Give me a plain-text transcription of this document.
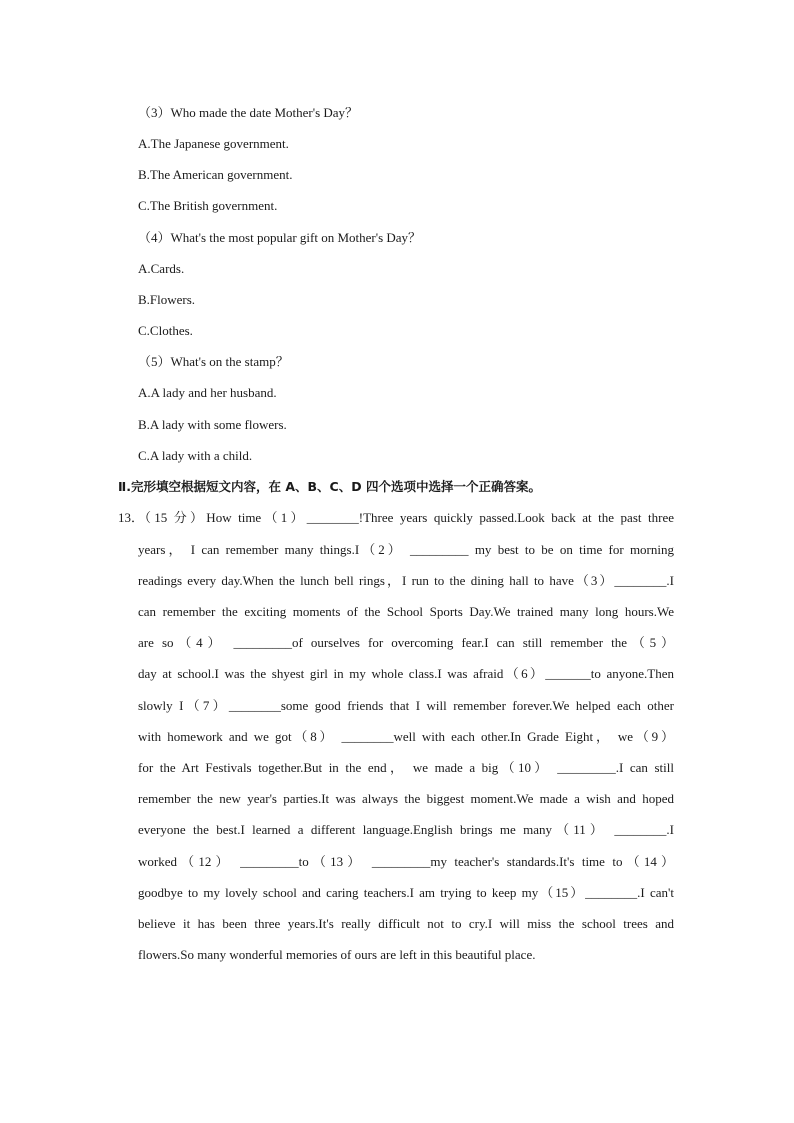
（3）Who made the date Mother's Day？
A.The Japanese government.
B.The American government.
C.The British government.
（4）What's the most popular gift on Mother's Day？
A.Cards.
B.Flowers.
C.Clothes.
（5）What's on the stamp？
A.A lady and her husband.
B.A lady with some flowers.
C.A lady with a child.
Ⅱ.完形填空根据短文内容，在 A、B、C、D 四个选项中选择一个正确答案。
13．
（15 分）How time（1）________!Three years quickly passed.Look back at the past three
years， I can remember many things.I（2） _________ my best to be on time for morning
readings every day.When the lunch bell rings，I run to the dining hall to have（3）________.I
can remember the exciting moments of the School Sports Day.We trained many long hours.We
are so（4） _________of ourselves for overcoming fear.I can still remember the（5）
day at school.I was the shyest girl in my whole class.I was afraid（6）_______to anyone.Then
slowly I（7）________some good friends that I will remember forever.We helped each other
with homework and we got（8） ________well with each other.In Grade Eight， we（9）
for the Art Festivals together.But in the end， we made a big（10） _________.I can still
remember the new year's parties.It was always the biggest moment.We made a wish and hoped
everyone the best.I learned a different language.English brings me many（11） ________.I
worked（12） _________to（13） _________my teacher's standards.It's time to（14）
goodbye to my lovely school and caring teachers.I am trying to keep my（15）________.I can't
believe it has been three years.It's really difficult not to cry.I will miss the school trees and
flowers.So many wonderful memories of ours are left in this beautiful place.
